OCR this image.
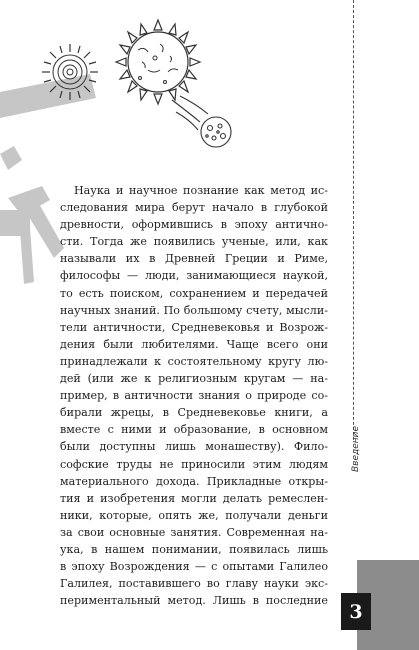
Наука и научное познание как метод ис-
следования мира берут начало в глубокой
древности, оформившись в эпоху антично-
сти. Тогда же появились ученые, или, как
называли их в Древней Греции и Риме,
философы — люди, занимающиеся наукой,
то есть поиском, сохранением и передачей
научных знаний. По большому счету, мысли-
тели античности, Средневековья и Возрож-
дения были любителями. Чаще всего они
принадлежали к состоятельному кругу лю-
дей (или же к религиозным кругам — на-
пример, в античности знания о природе со-
бирали жрецы, в Средневековье книги, а
вместе с ними и образование, в основном
были доступны лишь монашеству). Фило-
софские труды не приносили этим людям
материального дохода. Прикладные откры-
тия и изобретения могли делать ремеслен-
ники, которые, опять же, получали деньги
за свои основные занятия. Современная на-
ука, в нашем понимании, появилась лишь
в эпоху Возрождения — с опытами Галилео
Галилея, поставившего во главу науки экс-
периментальный метод. Лишь в последние
Введение
3
